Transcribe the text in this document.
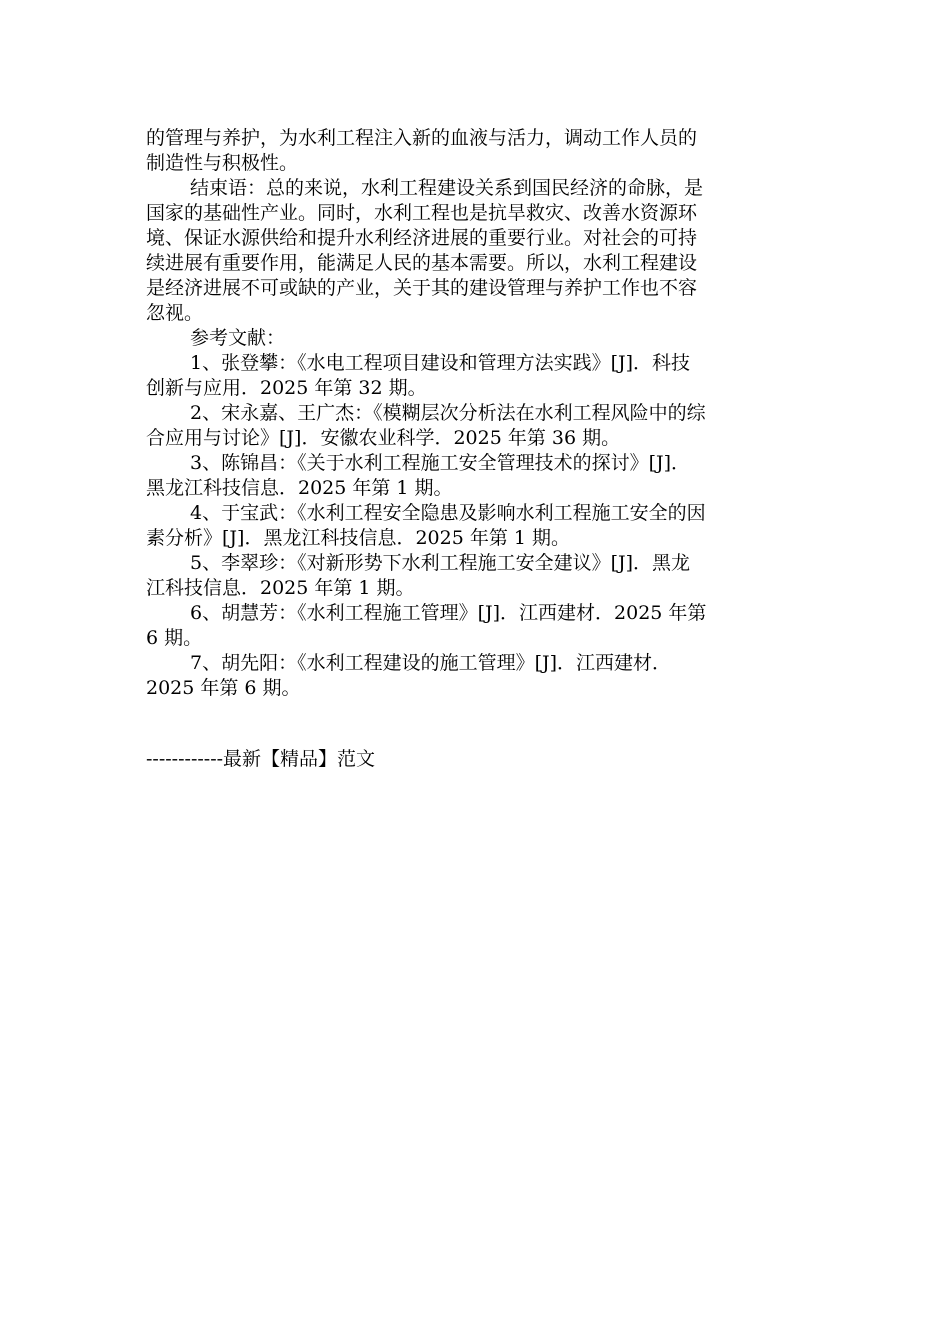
的管理与养护，为水利工程注入新的血液与活力，调动工作人员的
制造性与积极性。

结束语：总的来说，水利工程建设关系到国民经济的命脉，是
国家的基础性产业。同时，水利工程也是抗旱救灾、改善水资源环
境、保证水源供给和提升水利经济进展的重要行业。对社会的可持
续进展有重要作用，能满足人民的基本需要。所以，水利工程建设
是经济进展不可或缺的产业，关于其的建设管理与养护工作也不容
忽视。

参考文献：

1、张登攀：《水电工程项目建设和管理方法实践》[J]．科技
创新与应用．2025 年第 32 期。

2、宋永嘉、王广杰：《模糊层次分析法在水利工程风险中的综
合应用与讨论》[J]．安徽农业科学．2025 年第 36 期。

3、陈锦昌：《关于水利工程施工安全管理技术的探讨》[J]．
黑龙江科技信息．2025 年第 1 期。

4、于宝武：《水利工程安全隐患及影响水利工程施工安全的因
素分析》[J]．黑龙江科技信息．2025 年第 1 期。

5、李翠珍：《对新形势下水利工程施工安全建议》[J]．黑龙
江科技信息．2025 年第 1 期。

6、胡慧芳：《水利工程施工管理》[J]．江西建材．2025 年第
6 期。

7、胡先阳：《水利工程建设的施工管理》[J]．江西建材．
2025 年第 6 期。

------------最新【精品】范文
